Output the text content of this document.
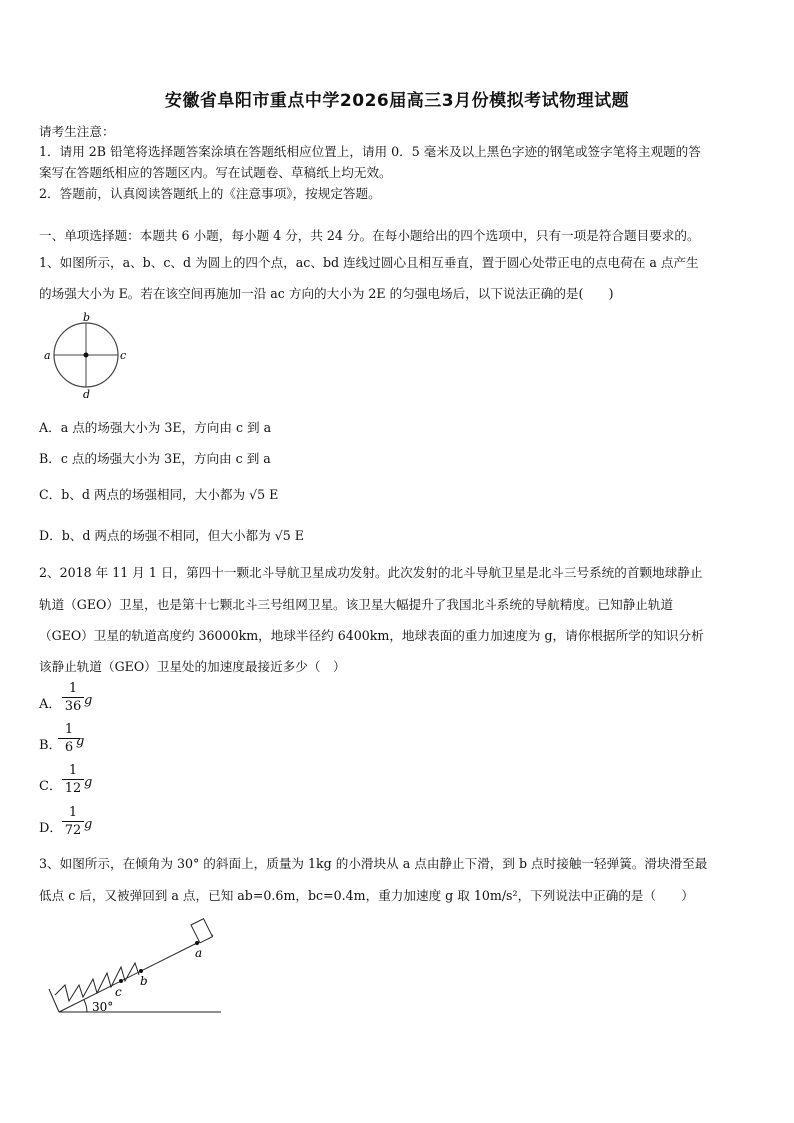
安徽省阜阳市重点中学2026届高三3月份模拟考试物理试题
请考生注意：
1．请用 2B 铅笔将选择题答案涂填在答题纸相应位置上，请用 0．5 毫米及以上黑色字迹的钢笔或签字笔将主观题的答
案写在答题纸相应的答题区内。写在试题卷、草稿纸上均无效。
2．答题前，认真阅读答题纸上的《注意事项》，按规定答题。
一、单项选择题：本题共 6 小题，每小题 4 分，共 24 分。在每小题给出的四个选项中，只有一项是符合题目要求的。
1、如图所示，a、b、c、d 为圆上的四个点，ac、bd 连线过圆心且相互垂直，置于圆心处带正电的点电荷在 a 点产生
的场强大小为 E。若在该空间再施加一沿 ac 方向的大小为 2E 的匀强电场后，以下说法正确的是(　　)
a
b
c
d
A．a 点的场强大小为 3E，方向由 c 到 a
B．c 点的场强大小为 3E，方向由 c 到 a
C．b、d 两点的场强相同，大小都为 √5 E
D．b、d 两点的场强不相同，但大小都为 √5 E
2、2018 年 11 月 1 日，第四十一颗北斗导航卫星成功发射。此次发射的北斗导航卫星是北斗三号系统的首颗地球静止
轨道（GEO）卫星，也是第十七颗北斗三号组网卫星。该卫星大幅提升了我国北斗系统的导航精度。已知静止轨道
（GEO）卫星的轨道高度约 36000km，地球半径约 6400km，地球表面的重力加速度为 g，请你根据所学的知识分析
该静止轨道（GEO）卫星处的加速度最接近多少（　）
A．
1
36 g
B．
1
6 g
C．
1
12 g
D．
1
72 g
3、如图所示，在倾角为 30° 的斜面上，质量为 1kg 的小滑块从 a 点由静止下滑，到 b 点时接触一轻弹簧。滑块滑至最
低点 c 后，又被弹回到 a 点，已知 ab=0.6m，bc=0.4m，重力加速度 g 取 10m/s²，下列说法中正确的是（　　）
30°
a
b
c
